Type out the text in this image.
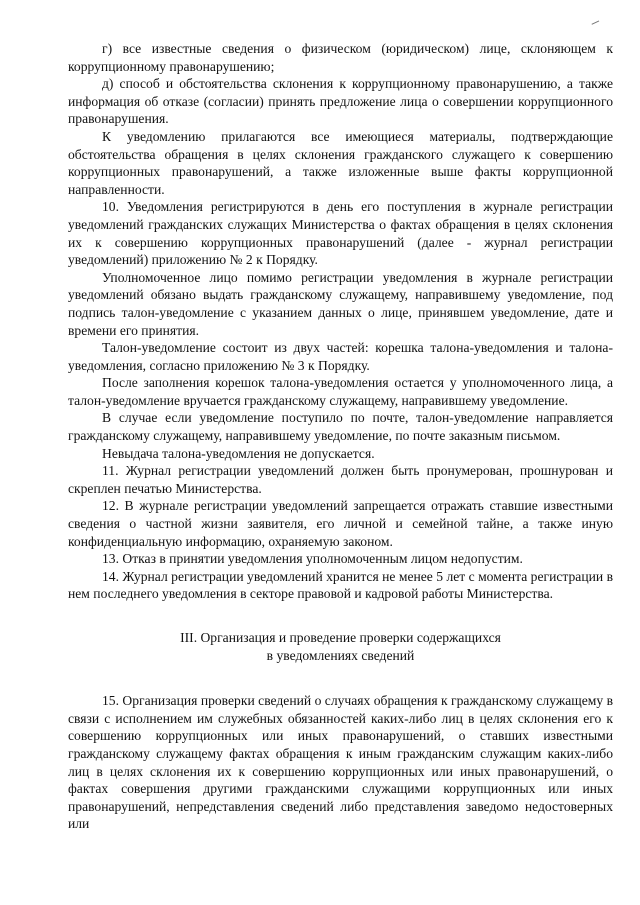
г) все известные сведения о физическом (юридическом) лице, склоняющем к коррупционному правонарушению;

д) способ и обстоятельства склонения к коррупционному правонарушению, а также информация об отказе (согласии) принять предложение лица о совершении коррупционного правонарушения.

К уведомлению прилагаются все имеющиеся материалы, подтверждающие обстоятельства обращения в целях склонения гражданского служащего к совершению коррупционных правонарушений, а также изложенные выше факты коррупционной направленности.

10. Уведомления регистрируются в день его поступления в журнале регистрации уведомлений гражданских служащих Министерства о фактах обращения в целях склонения их к совершению коррупционных правонарушений (далее - журнал регистрации уведомлений) приложению № 2 к Порядку.

Уполномоченное лицо помимо регистрации уведомления в журнале регистрации уведомлений обязано выдать гражданскому служащему, направившему уведомление, под подпись талон-уведомление с указанием данных о лице, принявшем уведомление, дате и времени его принятия.

Талон-уведомление состоит из двух частей: корешка талона-уведомления и талона-уведомления, согласно приложению № 3 к Порядку.

После заполнения корешок талона-уведомления остается у уполномоченного лица, а талон-уведомление вручается гражданскому служащему, направившему уведомление.

В случае если уведомление поступило по почте, талон-уведомление направляется гражданскому служащему, направившему уведомление, по почте заказным письмом.

Невыдача талона-уведомления не допускается.

11. Журнал регистрации уведомлений должен быть пронумерован, прошнурован и скреплен печатью Министерства.

12. В журнале регистрации уведомлений запрещается отражать ставшие известными сведения о частной жизни заявителя, его личной и семейной тайне, а также иную конфиденциальную информацию, охраняемую законом.

13. Отказ в принятии уведомления уполномоченным лицом недопустим.

14. Журнал регистрации уведомлений хранится не менее 5 лет с момента регистрации в нем последнего уведомления в секторе правовой и кадровой работы Министерства.

III. Организация и проведение проверки содержащихся
в уведомлениях сведений

15. Организация проверки сведений о случаях обращения к гражданскому служащему в связи с исполнением им служебных обязанностей каких-либо лиц в целях склонения его к совершению коррупционных или иных правонарушений, о ставших известными гражданскому служащему фактах обращения к иным гражданским служащим каких-либо лиц в целях склонения их к совершению коррупционных или иных правонарушений, о фактах совершения другими гражданскими служащими коррупционных или иных правонарушений, непредставления сведений либо представления заведомо недостоверных или
